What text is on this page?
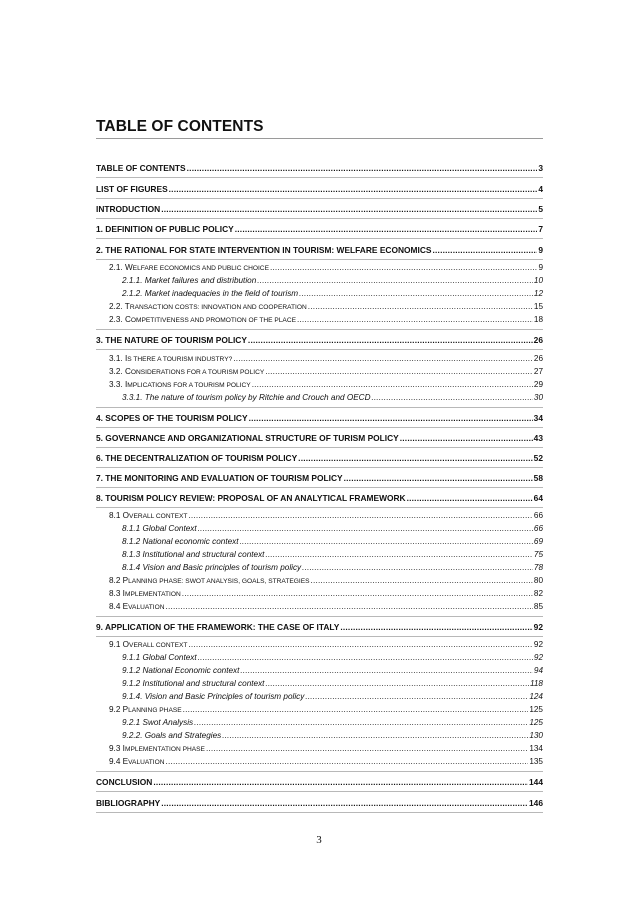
TABLE OF CONTENTS
TABLE OF CONTENTS .....	3
LIST OF FIGURES .....	4
INTRODUCTION .....	5
1. DEFINITION OF PUBLIC POLICY .....	7
2. THE RATIONAL FOR STATE INTERVENTION IN TOURISM: WELFARE ECONOMICS .....	9
2.1. WELFARE ECONOMICS AND PUBLIC CHOICE .....	9
2.1.1. Market failures and distribution .....	10
2.1.2. Market inadequacies in the field of tourism .....	12
2.2. TRANSACTION COSTS: INNOVATION AND COOPERATION .....	15
2.3. COMPETITIVENESS AND PROMOTION OF THE PLACE .....	18
3. THE NATURE OF TOURISM POLICY .....	26
3.1. IS THERE A TOURISM INDUSTRY? .....	26
3.2. CONSIDERATIONS FOR A TOURISM POLICY .....	27
3.3. IMPLICATIONS FOR A TOURISM POLICY .....	29
3.3.1. The nature of tourism policy by Ritchie and Crouch and OECD .....	30
4. SCOPES OF THE TOURISM POLICY .....	34
5. GOVERNANCE AND ORGANIZATIONAL STRUCTURE OF TURISM POLICY .....	43
6. THE DECENTRALIZATION OF TOURISM POLICY .....	52
7. THE MONITORING AND EVALUATION OF TOURISM POLICY .....	58
8. TOURISM POLICY REVIEW: PROPOSAL OF AN ANALYTICAL FRAMEWORK .....	64
8.1 OVERALL CONTEXT .....	66
8.1.1 Global Context .....	66
8.1.2 National economic context .....	69
8.1.3 Institutional and structural context .....	75
8.1.4 Vision and Basic principles of tourism policy .....	78
8.2 PLANNING PHASE: SWOT ANALYSIS, GOALS, STRATEGIES .....	80
8.3 IMPLEMENTATION .....	82
8.4 EVALUATION .....	85
9. APPLICATION OF THE FRAMEWORK: THE CASE OF ITALY .....	92
9.1 OVERALL CONTEXT .....	92
9.1.1 Global Context .....	92
9.1.2 National Economic context .....	94
9.1.2 Institutional and structural context .....	118
9.1.4. Vision and Basic Principles of tourism policy .....	124
9.2 PLANNING PHASE .....	125
9.2.1 Swot Analysis .....	125
9.2.2. Goals and Strategies .....	130
9.3 IMPLEMENTATION PHASE .....	134
9.4 EVALUATION .....	135
CONCLUSION .....	144
BIBLIOGRAPHY .....	146
3
